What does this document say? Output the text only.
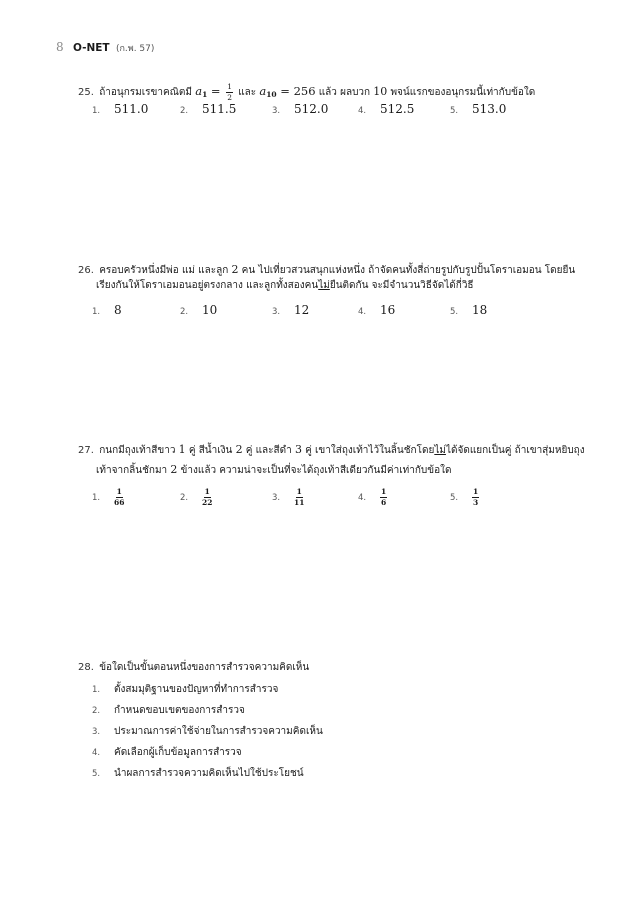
8 O-NET (ก.พ. 57)
25. ถ้าอนุกรมเรขาคณิตมี $a_1 = \frac{1}{2}$ และ $a_{10} = 256$ แล้ว ผลบวก 10 พจน์แรกของอนุกรมนี้เท่ากับข้อใด
1. 511.0	2. 511.5	3. 512.0	4. 512.5	5. 513.0
26. ครอบครัวหนึ่งมีพ่อ แม่ และลูก 2 คน ไปเที่ยวสวนสนุกแห่งหนึ่ง ถ้าจัดคนทั้งสี่ถ่ายรูปกับรูปปั้นโดราเอมอน โดยยืน
เรียงกันให้โดราเอมอนอยู่ตรงกลาง และลูกทั้งสองคนไม่ยืนติดกัน จะมีจำนวนวิธีจัดได้กี่วิธี
1. 8	2. 10	3. 12	4. 16	5. 18
27. กนกมีถุงเท้าสีขาว 1 คู่ สีน้ำเงิน 2 คู่ และสีดำ 3 คู่ เขาใส่ถุงเท้าไว้ในลิ้นชักโดยไม่ได้จัดแยกเป็นคู่ ถ้าเขาสุ่มหยิบถุง
เท้าจากลิ้นชักมา 2 ข้างแล้ว ความน่าจะเป็นที่จะได้ถุงเท้าสีเดียวกันมีค่าเท่ากับข้อใด
1. $\frac{1}{66}$	2. $\frac{1}{22}$	3. $\frac{1}{11}$	4. $\frac{1}{6}$	5. $\frac{1}{3}$
28. ข้อใดเป็นขั้นตอนหนึ่งของการสำรวจความคิดเห็น
1. ตั้งสมมุติฐานของปัญหาที่ทำการสำรวจ
2. กำหนดขอบเขตของการสำรวจ
3. ประมาณการค่าใช้จ่ายในการสำรวจความคิดเห็น
4. คัดเลือกผู้เก็บข้อมูลการสำรวจ
5. นำผลการสำรวจความคิดเห็นไปใช้ประโยชน์
